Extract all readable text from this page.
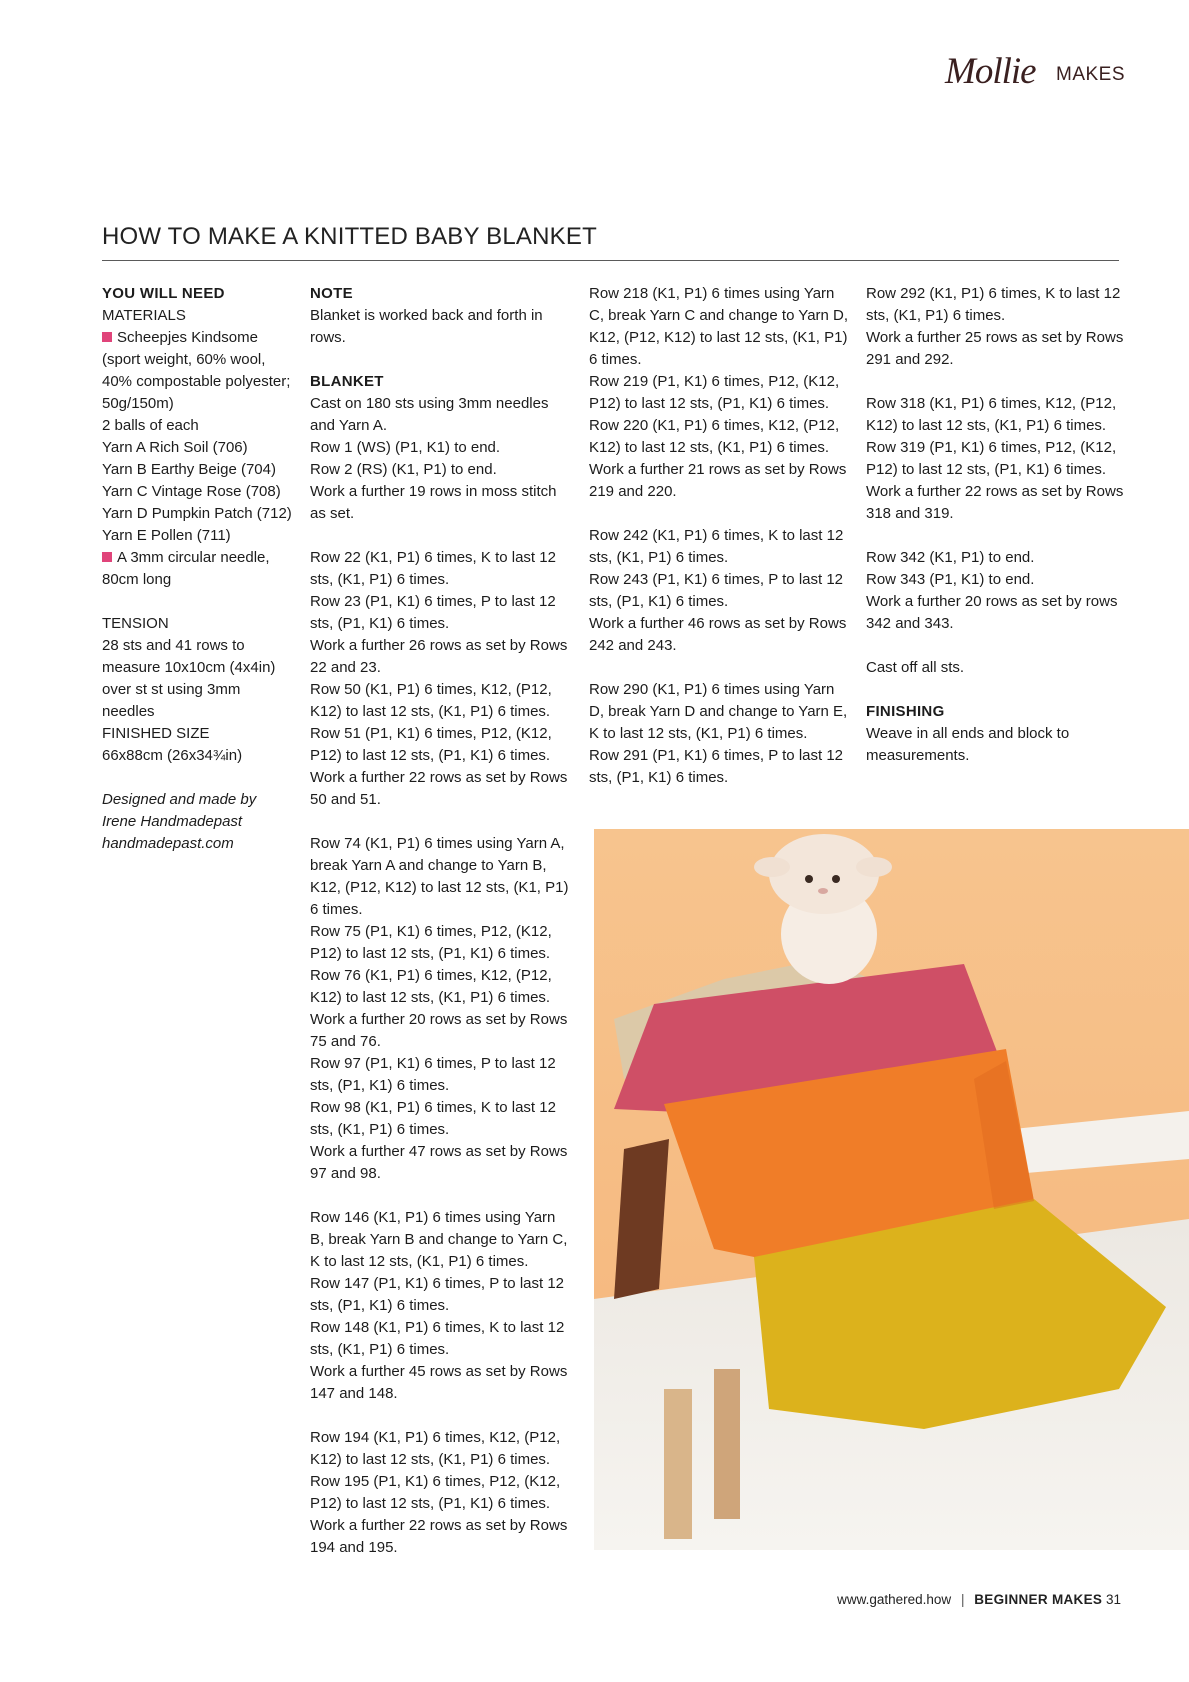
Mollie MAKES
HOW TO MAKE A KNITTED BABY BLANKET

YOU WILL NEED

MATERIALS

Scheepjes Kindsome (sport weight, 60% wool, 40% compostable polyester; 50g/150m)

2 balls of each

Yarn A Rich Soil (706)

Yarn B Earthy Beige (704)

Yarn C Vintage Rose (708)

Yarn D Pumpkin Patch (712)

Yarn E Pollen (711)

A 3mm circular needle, 80cm long

TENSION

28 sts and 41 rows to measure 10x10cm (4x4in) over st st using 3mm needles

FINISHED SIZE

66x88cm (26x34¾in)

Designed and made by Irene Handmadepast handmadepast.com

NOTE

Blanket is worked back and forth in rows.

BLANKET

Cast on 180 sts using 3mm needles and Yarn A.

Row 1 (WS) (P1, K1) to end.

Row 2 (RS) (K1, P1) to end.

Work a further 19 rows in moss stitch as set.

Row 22 (K1, P1) 6 times, K to last 12 sts, (K1, P1) 6 times.

Row 23 (P1, K1) 6 times, P to last 12 sts, (P1, K1) 6 times.

Work a further 26 rows as set by Rows 22 and 23.

Row 50 (K1, P1) 6 times, K12, (P12, K12) to last 12 sts, (K1, P1) 6 times.

Row 51 (P1, K1) 6 times, P12, (K12, P12) to last 12 sts, (P1, K1) 6 times.

Work a further 22 rows as set by Rows 50 and 51.

Row 74 (K1, P1) 6 times using Yarn A, break Yarn A and change to Yarn B, K12, (P12, K12) to last 12 sts, (K1, P1) 6 times.

Row 75 (P1, K1) 6 times, P12, (K12, P12) to last 12 sts, (P1, K1) 6 times.

Row 76 (K1, P1) 6 times, K12, (P12, K12) to last 12 sts, (K1, P1) 6 times.

Work a further 20 rows as set by Rows 75 and 76.

Row 97 (P1, K1) 6 times, P to last 12 sts, (P1, K1) 6 times.

Row 98 (K1, P1) 6 times, K to last 12 sts, (K1, P1) 6 times.

Work a further 47 rows as set by Rows 97 and 98.

Row 146 (K1, P1) 6 times using Yarn B, break Yarn B and change to Yarn C, K to last 12 sts, (K1, P1) 6 times.

Row 147 (P1, K1) 6 times, P to last 12 sts, (P1, K1) 6 times.

Row 148 (K1, P1) 6 times, K to last 12 sts, (K1, P1) 6 times.

Work a further 45 rows as set by Rows 147 and 148.

Row 194 (K1, P1) 6 times, K12, (P12, K12) to last 12 sts, (K1, P1) 6 times.

Row 195 (P1, K1) 6 times, P12, (K12, P12) to last 12 sts, (P1, K1) 6 times.

Work a further 22 rows as set by Rows 194 and 195.

Row 218 (K1, P1) 6 times using Yarn C, break Yarn C and change to Yarn D, K12, (P12, K12) to last 12 sts, (K1, P1) 6 times.

Row 219 (P1, K1) 6 times, P12, (K12, P12) to last 12 sts, (P1, K1) 6 times.

Row 220 (K1, P1) 6 times, K12, (P12, K12) to last 12 sts, (K1, P1) 6 times.

Work a further 21 rows as set by Rows 219 and 220.

Row 242 (K1, P1) 6 times, K to last 12 sts, (K1, P1) 6 times.

Row 243 (P1, K1) 6 times, P to last 12 sts, (P1, K1) 6 times.

Work a further 46 rows as set by Rows 242 and 243.

Row 290 (K1, P1) 6 times using Yarn D, break Yarn D and change to Yarn E, K to last 12 sts, (K1, P1) 6 times.

Row 291 (P1, K1) 6 times, P to last 12 sts, (P1, K1) 6 times.

Row 292 (K1, P1) 6 times, K to last 12 sts, (K1, P1) 6 times.

Work a further 25 rows as set by Rows 291 and 292.

Row 318 (K1, P1) 6 times, K12, (P12, K12) to last 12 sts, (K1, P1) 6 times.

Row 319 (P1, K1) 6 times, P12, (K12, P12) to last 12 sts, (P1, K1) 6 times.

Work a further 22 rows as set by Rows 318 and 319.

Row 342 (K1, P1) to end.

Row 343 (P1, K1) to end.

Work a further 20 rows as set by rows 342 and 343.

Cast off all sts.

FINISHING

Weave in all ends and block to measurements.

www.gathered.how | BEGINNER MAKES 31
